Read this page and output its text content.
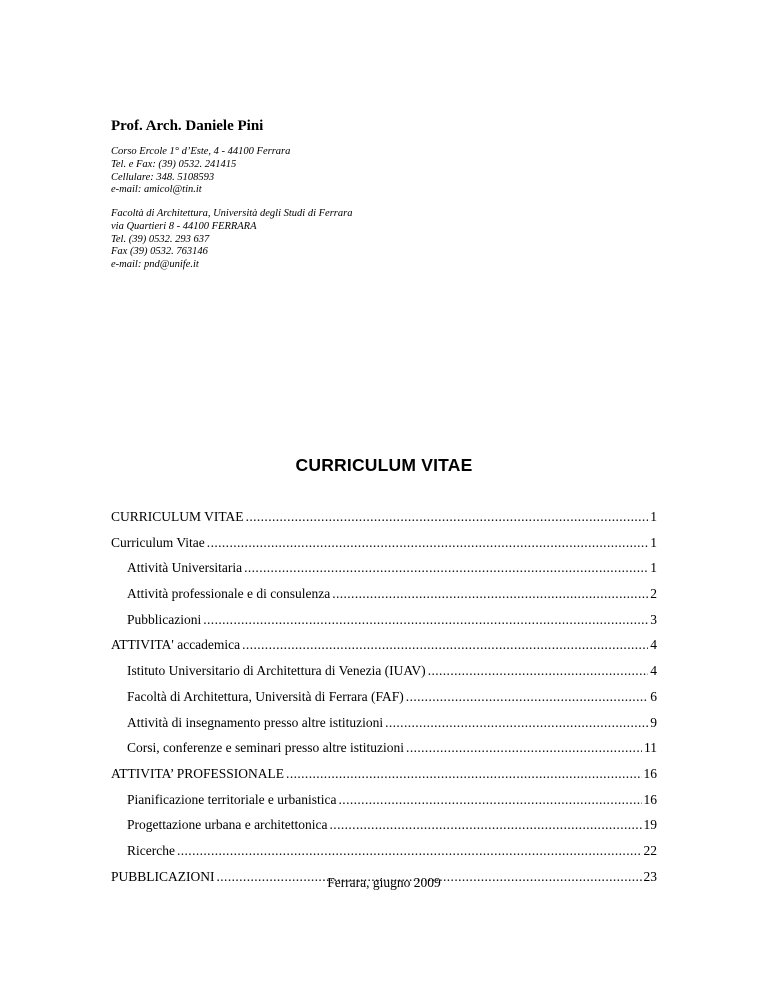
Prof. Arch. Daniele Pini
Corso Ercole 1° d’Este, 4 - 44100 Ferrara
Tel. e Fax: (39) 0532. 241415
Cellulare: 348. 5108593
e-mail: amicol@tin.it
Facoltà di Architettura, Università degli Studi di Ferrara
via Quartieri 8 - 44100 FERRARA
Tel. (39) 0532. 293 637
Fax (39) 0532. 763146
e-mail: pnd@unife.it
CURRICULUM VITAE
CURRICULUM VITAE .....	1
Curriculum Vitae .....	1
Attività Universitaria .....	1
Attività professionale e di consulenza .....	2
Pubblicazioni .....	3
ATTIVITA' accademica .....	4
Istituto Universitario di Architettura di Venezia (IUAV) .....	4
Facoltà di Architettura, Università di Ferrara (FAF) .....	6
Attività di insegnamento presso altre istituzioni .....	9
Corsi, conferenze e seminari presso altre istituzioni .....	11
ATTIVITA’ PROFESSIONALE .....	16
Pianificazione territoriale e urbanistica .....	16
Progettazione urbana e architettonica .....	19
Ricerche .....	22
PUBBLICAZIONI .....	23
Ferrara, giugno 2009
